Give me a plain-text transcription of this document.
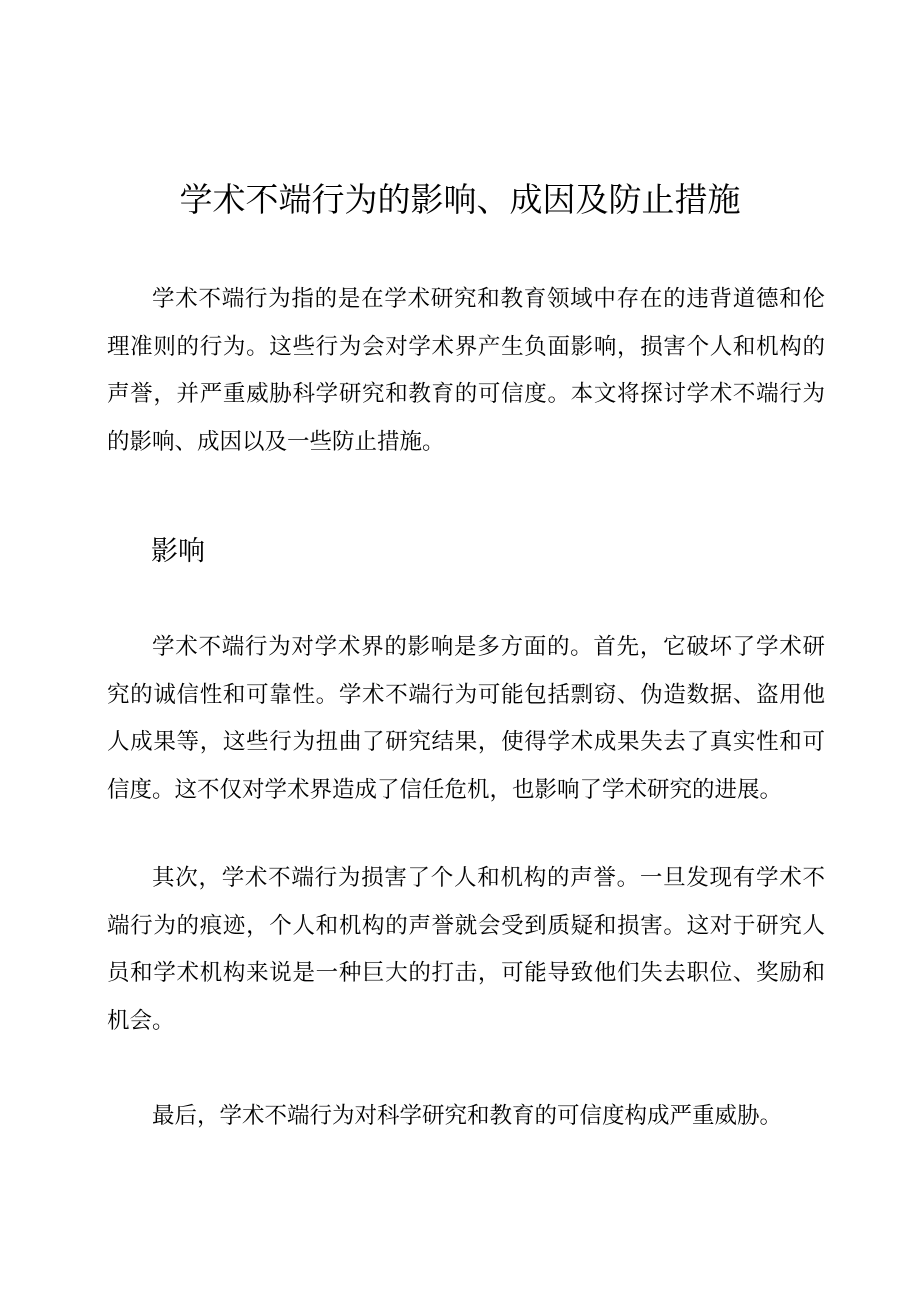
学术不端行为的影响、成因及防止措施

学术不端行为指的是在学术研究和教育领域中存在的违背道德和伦理准则的行为。这些行为会对学术界产生负面影响，损害个人和机构的声誉，并严重威胁科学研究和教育的可信度。本文将探讨学术不端行为的影响、成因以及一些防止措施。

影响

学术不端行为对学术界的影响是多方面的。首先，它破坏了学术研究的诚信性和可靠性。学术不端行为可能包括剽窃、伪造数据、盗用他人成果等，这些行为扭曲了研究结果，使得学术成果失去了真实性和可信度。这不仅对学术界造成了信任危机，也影响了学术研究的进展。

其次，学术不端行为损害了个人和机构的声誉。一旦发现有学术不端行为的痕迹，个人和机构的声誉就会受到质疑和损害。这对于研究人员和学术机构来说是一种巨大的打击，可能导致他们失去职位、奖励和机会。

最后，学术不端行为对科学研究和教育的可信度构成严重威胁。
